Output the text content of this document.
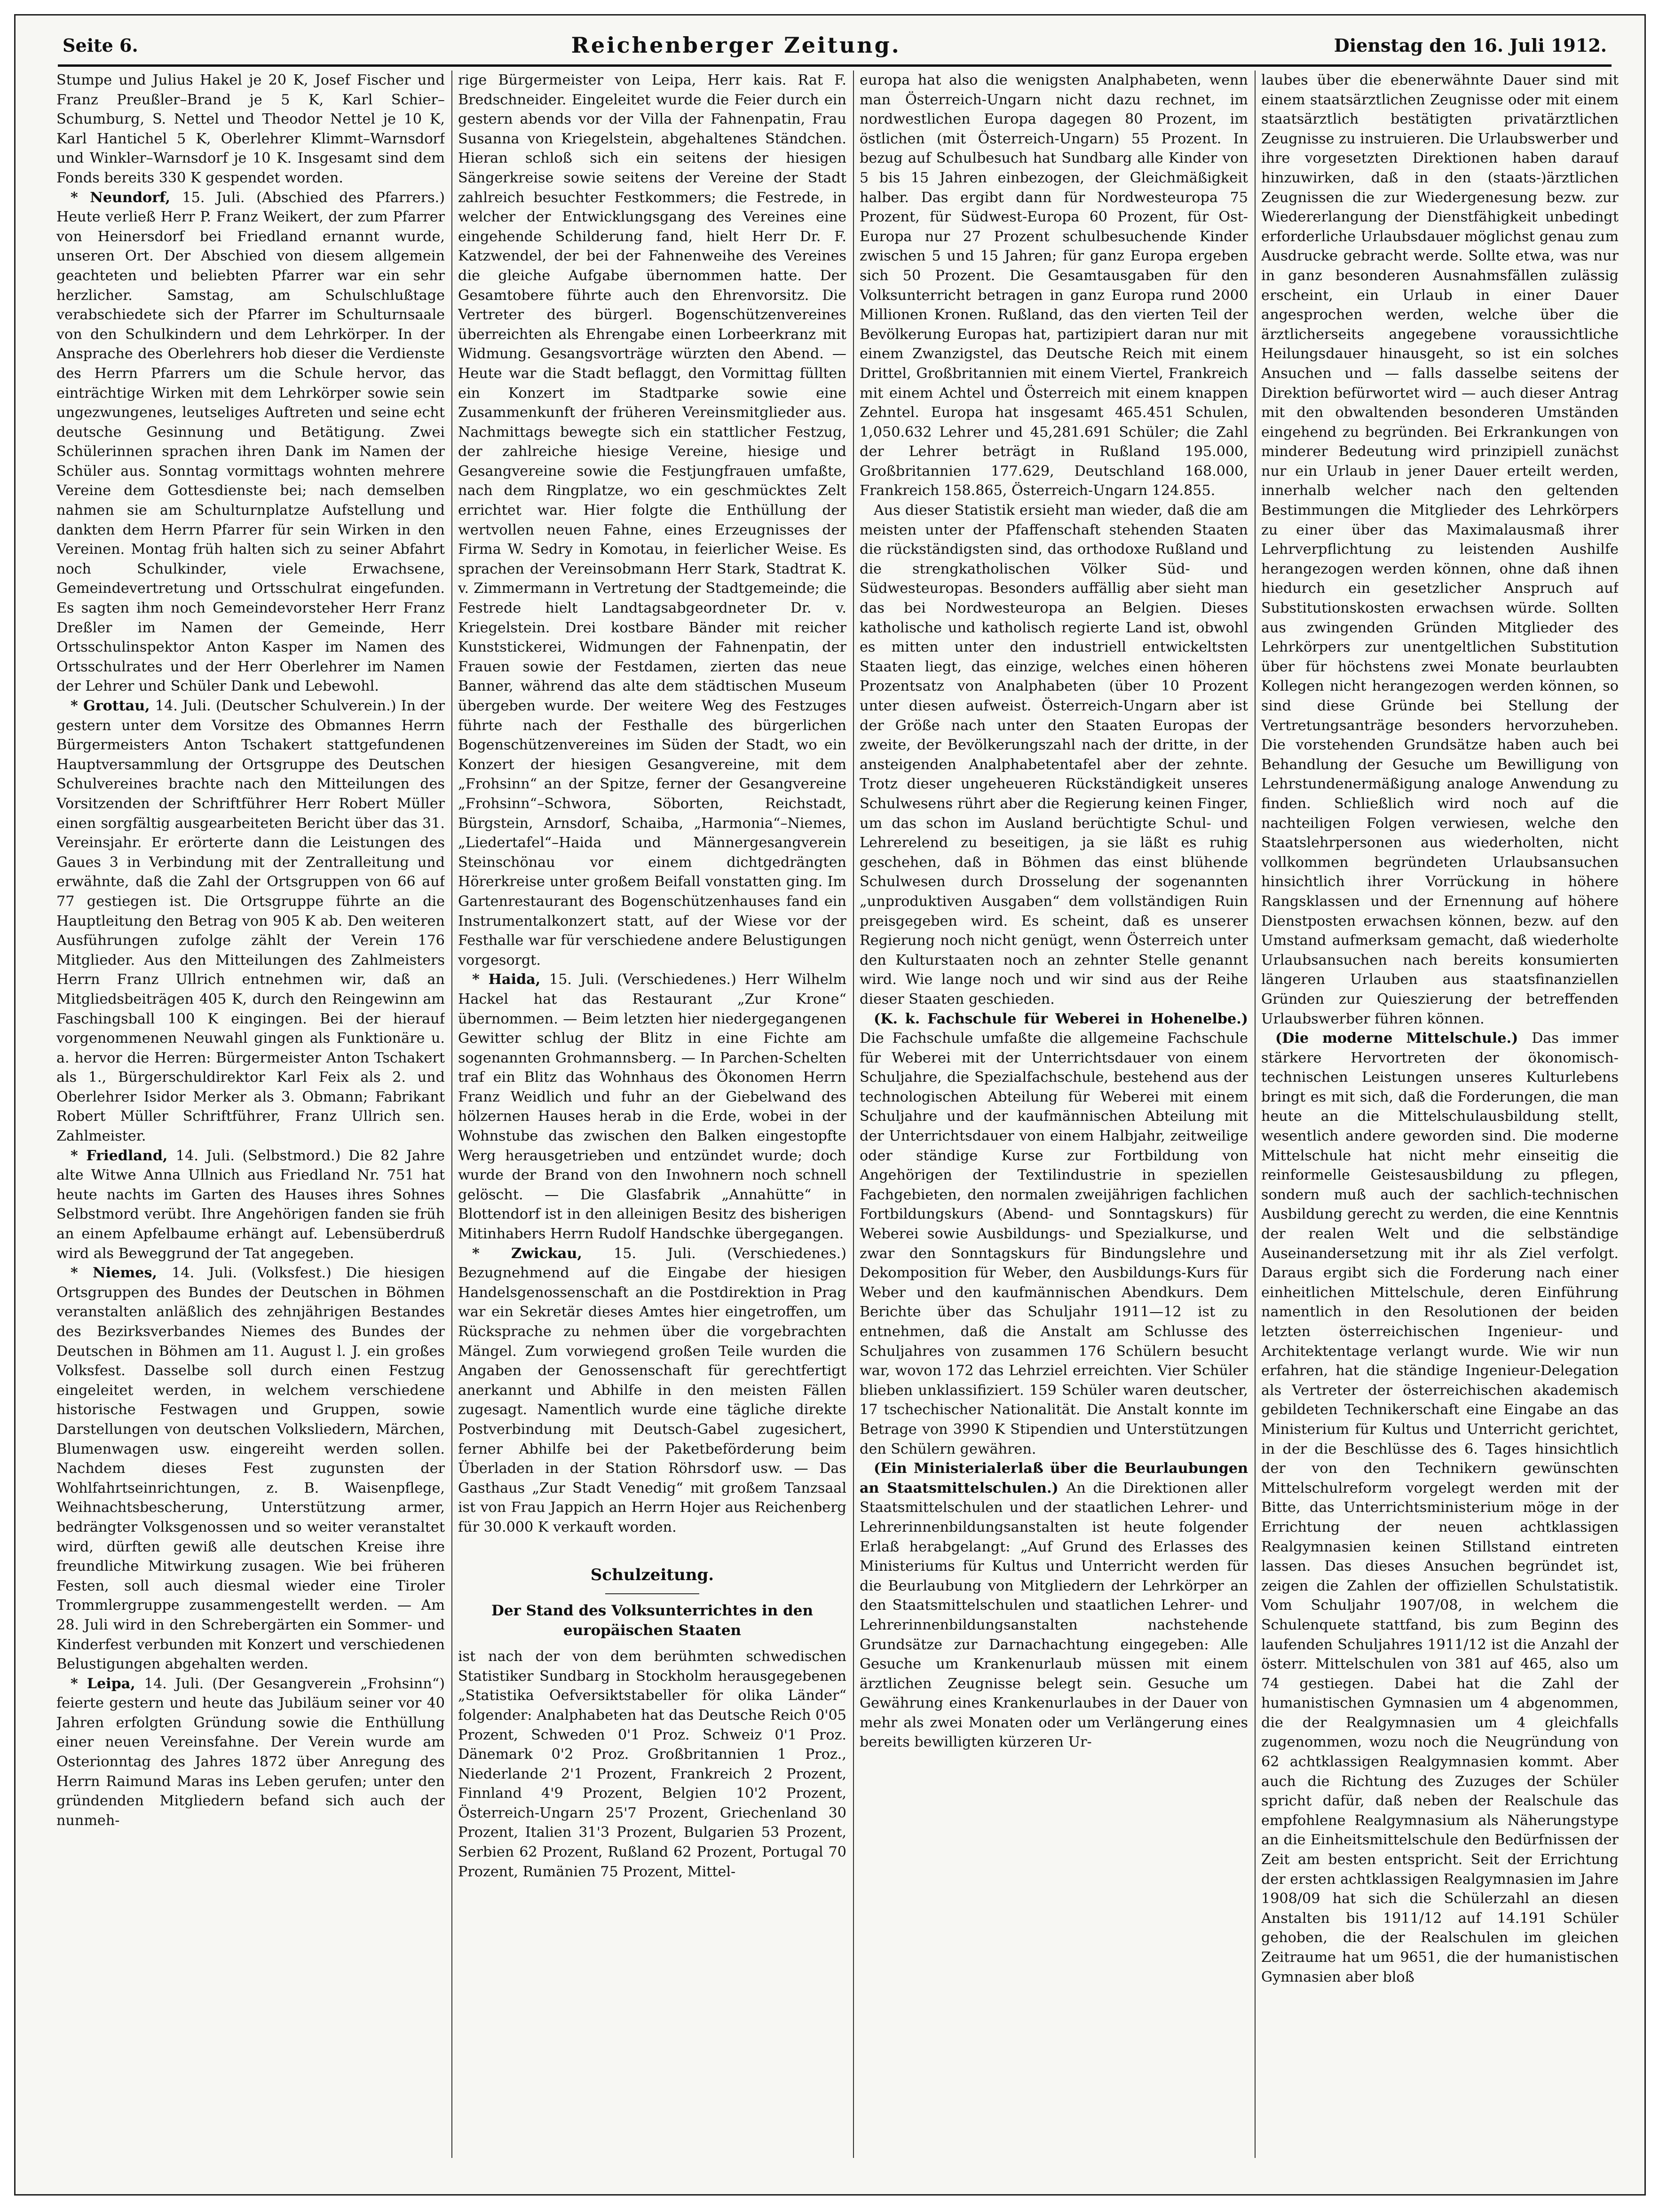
Seite 6.	Reichenberger Zeitung.	Dienstag den 16. Juli 1912.

Stumpe und Julius Hakel je 20 K, Josef Fischer und Franz Preußler–Brand je 5 K, Karl Schier–Schumburg, S. Nettel und Theodor Nettel je 10 K, Karl Hantichel 5 K, Oberlehrer Klimmt–Warnsdorf und Winkler–Warnsdorf je 10 K. Insgesamt sind dem Fonds bereits 330 K gespendet worden.

* Neundorf, 15. Juli. (Abschied des Pfarrers.) Heute verließ Herr P. Franz Weikert, der zum Pfarrer von Heinersdorf bei Friedland ernannt wurde, unseren Ort. Der Abschied von diesem allgemein geachteten und beliebten Pfarrer war ein sehr herzlicher. Samstag, am Schulschlußtage verabschiedete sich der Pfarrer im Schulturnsaale von den Schulkindern und dem Lehrkörper. In der Ansprache des Oberlehrers hob dieser die Verdienste des Herrn Pfarrers um die Schule hervor, das einträchtige Wirken mit dem Lehrkörper sowie sein ungezwungenes, leutseliges Auftreten und seine echt deutsche Gesinnung und Betätigung. Zwei Schülerinnen sprachen ihren Dank im Namen der Schüler aus. Sonntag vormittags wohnten mehrere Vereine dem Gottesdienste bei; nach demselben nahmen sie am Schulturnplatze Aufstellung und dankten dem Herrn Pfarrer für sein Wirken in den Vereinen. Montag früh halten sich zu seiner Abfahrt noch Schulkinder, viele Erwachsene, Gemeindevertretung und Ortsschulrat eingefunden. Es sagten ihm noch Gemeindevorsteher Herr Franz Dreßler im Namen der Gemeinde, Herr Ortsschulinspektor Anton Kasper im Namen des Ortsschulrates und der Herr Oberlehrer im Namen der Lehrer und Schüler Dank und Lebewohl.

* Grottau, 14. Juli. (Deutscher Schulverein.) In der gestern unter dem Vorsitze des Obmannes Herrn Bürgermeisters Anton Tschakert stattgefundenen Hauptversammlung der Ortsgruppe des Deutschen Schulvereines brachte nach den Mitteilungen des Vorsitzenden der Schriftführer Herr Robert Müller einen sorgfältig ausgearbeiteten Bericht über das 31. Vereinsjahr. Er erörterte dann die Leistungen des Gaues 3 in Verbindung mit der Zentralleitung und erwähnte, daß die Zahl der Ortsgruppen von 66 auf 77 gestiegen ist. Die Ortsgruppe führte an die Hauptleitung den Betrag von 905 K ab. Den weiteren Ausführungen zufolge zählt der Verein 176 Mitglieder. Aus den Mitteilungen des Zahlmeisters Herrn Franz Ullrich entnehmen wir, daß an Mitgliedsbeiträgen 405 K, durch den Reingewinn am Faschingsball 100 K eingingen. Bei der hierauf vorgenommenen Neuwahl gingen als Funktionäre u. a. hervor die Herren: Bürgermeister Anton Tschakert als 1., Bürgerschuldirektor Karl Feix als 2. und Oberlehrer Isidor Merker als 3. Obmann; Fabrikant Robert Müller Schriftführer, Franz Ullrich sen. Zahlmeister.

* Friedland, 14. Juli. (Selbstmord.) Die 82 Jahre alte Witwe Anna Ullnich aus Friedland Nr. 751 hat heute nachts im Garten des Hauses ihres Sohnes Selbstmord verübt. Ihre Angehörigen fanden sie früh an einem Apfelbaume erhängt auf. Lebensüberdruß wird als Beweggrund der Tat angegeben.

* Niemes, 14. Juli. (Volksfest.) Die hiesigen Ortsgruppen des Bundes der Deutschen in Böhmen veranstalten anläßlich des zehnjährigen Bestandes des Bezirksverbandes Niemes des Bundes der Deutschen in Böhmen am 11. August l. J. ein großes Volksfest. Dasselbe soll durch einen Festzug eingeleitet werden, in welchem verschiedene historische Festwagen und Gruppen, sowie Darstellungen von deutschen Volksliedern, Märchen, Blumenwagen usw. eingereiht werden sollen. Nachdem dieses Fest zugunsten der Wohlfahrtseinrichtungen, z. B. Waisenpflege, Weihnachtsbescherung, Unterstützung armer, bedrängter Volksgenossen und so weiter veranstaltet wird, dürften gewiß alle deutschen Kreise ihre freundliche Mitwirkung zusagen. Wie bei früheren Festen, soll auch diesmal wieder eine Tiroler Trommlergruppe zusammengestellt werden. — Am 28. Juli wird in den Schrebergärten ein Sommer- und Kinderfest verbunden mit Konzert und verschiedenen Belustigungen abgehalten werden.

* Leipa, 14. Juli. (Der Gesangverein „Frohsinn“) feierte gestern und heute das Jubiläum seiner vor 40 Jahren erfolgten Gründung sowie die Enthüllung einer neuen Vereinsfahne. Der Verein wurde am Osterionntag des Jahres 1872 über Anregung des Herrn Raimund Maras ins Leben gerufen; unter den gründenden Mitgliedern befand sich auch der nunmeh-

rige Bürgermeister von Leipa, Herr kais. Rat F. Bredschneider. Eingeleitet wurde die Feier durch ein gestern abends vor der Villa der Fahnenpatin, Frau Susanna von Kriegelstein, abgehaltenes Ständchen. Hieran schloß sich ein seitens der hiesigen Sängerkreise sowie seitens der Vereine der Stadt zahlreich besuchter Festkommers; die Festrede, in welcher der Entwicklungsgang des Vereines eine eingehende Schilderung fand, hielt Herr Dr. F. Katzwendel, der bei der Fahnenweihe des Vereines die gleiche Aufgabe übernommen hatte. Der Gesamtobere führte auch den Ehrenvorsitz. Die Vertreter des bürgerl. Bogenschützenvereines überreichten als Ehrengabe einen Lorbeerkranz mit Widmung. Gesangsvorträge würzten den Abend. — Heute war die Stadt beflaggt, den Vormittag füllten ein Konzert im Stadtparke sowie eine Zusammenkunft der früheren Vereinsmitglieder aus. Nachmittags bewegte sich ein stattlicher Festzug, der zahlreiche hiesige Vereine, hiesige und Gesangvereine sowie die Festjungfrauen umfaßte, nach dem Ringplatze, wo ein geschmücktes Zelt errichtet war. Hier folgte die Enthüllung der wertvollen neuen Fahne, eines Erzeugnisses der Firma W. Sedry in Komotau, in feierlicher Weise. Es sprachen der Vereinsobmann Herr Stark, Stadtrat K. v. Zimmermann in Vertretung der Stadtgemeinde; die Festrede hielt Landtagsabgeordneter Dr. v. Kriegelstein. Drei kostbare Bänder mit reicher Kunststickerei, Widmungen der Fahnenpatin, der Frauen sowie der Festdamen, zierten das neue Banner, während das alte dem städtischen Museum übergeben wurde. Der weitere Weg des Festzuges führte nach der Festhalle des bürgerlichen Bogenschützenvereines im Süden der Stadt, wo ein Konzert der hiesigen Gesangvereine, mit dem „Frohsinn“ an der Spitze, ferner der Gesangvereine „Frohsinn“–Schwora, Söborten, Reichstadt, Bürgstein, Arnsdorf, Schaiba, „Harmonia“–Niemes, „Liedertafel“–Haida und Männergesangverein Steinschönau vor einem dichtgedrängten Hörerkreise unter großem Beifall vonstatten ging. Im Gartenrestaurant des Bogenschützenhauses fand ein Instrumentalkonzert statt, auf der Wiese vor der Festhalle war für verschiedene andere Belustigungen vorgesorgt.

* Haida, 15. Juli. (Verschiedenes.) Herr Wilhelm Hackel hat das Restaurant „Zur Krone“ übernommen. — Beim letzten hier niedergegangenen Gewitter schlug der Blitz in eine Fichte am sogenannten Grohmannsberg. — In Parchen-Schelten traf ein Blitz das Wohnhaus des Ökonomen Herrn Franz Weidlich und fuhr an der Giebelwand des hölzernen Hauses herab in die Erde, wobei in der Wohnstube das zwischen den Balken eingestopfte Werg herausgetrieben und entzündet wurde; doch wurde der Brand von den Inwohnern noch schnell gelöscht. — Die Glasfabrik „Annahütte“ in Blottendorf ist in den alleinigen Besitz des bisherigen Mitinhabers Herrn Rudolf Handschke übergegangen.

* Zwickau, 15. Juli. (Verschiedenes.) Bezugnehmend auf die Eingabe der hiesigen Handelsgenossenschaft an die Postdirektion in Prag war ein Sekretär dieses Amtes hier eingetroffen, um Rücksprache zu nehmen über die vorgebrachten Mängel. Zum vorwiegend großen Teile wurden die Angaben der Genossenschaft für gerechtfertigt anerkannt und Abhilfe in den meisten Fällen zugesagt. Namentlich wurde eine tägliche direkte Postverbindung mit Deutsch-Gabel zugesichert, ferner Abhilfe bei der Paketbeförderung beim Überladen in der Station Röhrsdorf usw. — Das Gasthaus „Zur Stadt Venedig“ mit großem Tanzsaal ist von Frau Jappich an Herrn Hojer aus Reichenberg für 30.000 K verkauft worden.

Schulzeitung.
Der Stand des Volksunterrichtes in den europäischen Staaten

ist nach der von dem berühmten schwedischen Statistiker Sundbarg in Stockholm herausgegebenen „Statistika Oefversiktstabeller för olika Länder“ folgender: Analphabeten hat das Deutsche Reich 0'05 Prozent, Schweden 0'1 Proz. Schweiz 0'1 Proz. Dänemark 0'2 Proz. Großbritannien 1 Proz., Niederlande 2'1 Prozent, Frankreich 2 Prozent, Finnland 4'9 Prozent, Belgien 10'2 Prozent, Österreich-Ungarn 25'7 Prozent, Griechenland 30 Prozent, Italien 31'3 Prozent, Bulgarien 53 Prozent, Serbien 62 Prozent, Rußland 62 Prozent, Portugal 70 Prozent, Rumänien 75 Prozent, Mittel-

europa hat also die wenigsten Analphabeten, wenn man Österreich-Ungarn nicht dazu rechnet, im nordwestlichen Europa dagegen 80 Prozent, im östlichen (mit Österreich-Ungarn) 55 Prozent. In bezug auf Schulbesuch hat Sundbarg alle Kinder von 5 bis 15 Jahren einbezogen, der Gleichmäßigkeit halber. Das ergibt dann für Nordwesteuropa 75 Prozent, für Südwest-Europa 60 Prozent, für Ost-Europa nur 27 Prozent schulbesuchende Kinder zwischen 5 und 15 Jahren; für ganz Europa ergeben sich 50 Prozent. Die Gesamtausgaben für den Volksunterricht betragen in ganz Europa rund 2000 Millionen Kronen. Rußland, das den vierten Teil der Bevölkerung Europas hat, partizipiert daran nur mit einem Zwanzigstel, das Deutsche Reich mit einem Drittel, Großbritannien mit einem Viertel, Frankreich mit einem Achtel und Österreich mit einem knappen Zehntel. Europa hat insgesamt 465.451 Schulen, 1,050.632 Lehrer und 45,281.691 Schüler; die Zahl der Lehrer beträgt in Rußland 195.000, Großbritannien 177.629, Deutschland 168.000, Frankreich 158.865, Österreich-Ungarn 124.855.

Aus dieser Statistik ersieht man wieder, daß die am meisten unter der Pfaffenschaft stehenden Staaten die rückständigsten sind, das orthodoxe Rußland und die strengkatholischen Völker Süd- und Südwesteuropas. Besonders auffällig aber sieht man das bei Nordwesteuropa an Belgien. Dieses katholische und katholisch regierte Land ist, obwohl es mitten unter den industriell entwickeltsten Staaten liegt, das einzige, welches einen höheren Prozentsatz von Analphabeten (über 10 Prozent unter diesen aufweist. Österreich-Ungarn aber ist der Größe nach unter den Staaten Europas der zweite, der Bevölkerungszahl nach der dritte, in der ansteigenden Analphabetentafel aber der zehnte. Trotz dieser ungeheueren Rückständigkeit unseres Schulwesens rührt aber die Regierung keinen Finger, um das schon im Ausland berüchtigte Schul- und Lehrerelend zu beseitigen, ja sie läßt es ruhig geschehen, daß in Böhmen das einst blühende Schulwesen durch Drosselung der sogenannten „unproduktiven Ausgaben“ dem vollständigen Ruin preisgegeben wird. Es scheint, daß es unserer Regierung noch nicht genügt, wenn Österreich unter den Kulturstaaten noch an zehnter Stelle genannt wird. Wie lange noch und wir sind aus der Reihe dieser Staaten geschieden.

(K. k. Fachschule für Weberei in Hohenelbe.) Die Fachschule umfaßte die allgemeine Fachschule für Weberei mit der Unterrichtsdauer von einem Schuljahre, die Spezialfachschule, bestehend aus der technologischen Abteilung für Weberei mit einem Schuljahre und der kaufmännischen Abteilung mit der Unterrichtsdauer von einem Halbjahr, zeitweilige oder ständige Kurse zur Fortbildung von Angehörigen der Textilindustrie in speziellen Fachgebieten, den normalen zweijährigen fachlichen Fortbildungskurs (Abend- und Sonntagskurs) für Weberei sowie Ausbildungs- und Spezialkurse, und zwar den Sonntagskurs für Bindungslehre und Dekomposition für Weber, den Ausbildungs-Kurs für Weber und den kaufmännischen Abendkurs. Dem Berichte über das Schuljahr 1911—12 ist zu entnehmen, daß die Anstalt am Schlusse des Schuljahres von zusammen 176 Schülern besucht war, wovon 172 das Lehrziel erreichten. Vier Schüler blieben unklassifiziert. 159 Schüler waren deutscher, 17 tschechischer Nationalität. Die Anstalt konnte im Betrage von 3990 K Stipendien und Unterstützungen den Schülern gewähren.

(Ein Ministerialerlaß über die Beurlaubungen an Staatsmittelschulen.) An die Direktionen aller Staatsmittelschulen und der staatlichen Lehrer- und Lehrerinnenbildungsanstalten ist heute folgender Erlaß herabgelangt: „Auf Grund des Erlasses des Ministeriums für Kultus und Unterricht werden für die Beurlaubung von Mitgliedern der Lehrkörper an den Staatsmittelschulen und staatlichen Lehrer- und Lehrerinnenbildungsanstalten nachstehende Grundsätze zur Darnachachtung eingegeben: Alle Gesuche um Krankenurlaub müssen mit einem ärztlichen Zeugnisse belegt sein. Gesuche um Gewährung eines Krankenurlaubes in der Dauer von mehr als zwei Monaten oder um Verlängerung eines bereits bewilligten kürzeren Ur-

laubes über die ebenerwähnte Dauer sind mit einem staatsärztlichen Zeugnisse oder mit einem staatsärztlich bestätigten privatärztlichen Zeugnisse zu instruieren. Die Urlaubswerber und ihre vorgesetzten Direktionen haben darauf hinzuwirken, daß in den (staats-)ärztlichen Zeugnissen die zur Wiedergenesung bezw. zur Wiedererlangung der Dienstfähigkeit unbedingt erforderliche Urlaubsdauer möglichst genau zum Ausdrucke gebracht werde. Sollte etwa, was nur in ganz besonderen Ausnahmsfällen zulässig erscheint, ein Urlaub in einer Dauer angesprochen werden, welche über die ärztlicherseits angegebene voraussichtliche Heilungsdauer hinausgeht, so ist ein solches Ansuchen und — falls dasselbe seitens der Direktion befürwortet wird — auch dieser Antrag mit den obwaltenden besonderen Umständen eingehend zu begründen. Bei Erkrankungen von minderer Bedeutung wird prinzipiell zunächst nur ein Urlaub in jener Dauer erteilt werden, innerhalb welcher nach den geltenden Bestimmungen die Mitglieder des Lehrkörpers zu einer über das Maximalausmaß ihrer Lehrverpflichtung zu leistenden Aushilfe herangezogen werden können, ohne daß ihnen hiedurch ein gesetzlicher Anspruch auf Substitutionskosten erwachsen würde. Sollten aus zwingenden Gründen Mitglieder des Lehrkörpers zur unentgeltlichen Substitution über für höchstens zwei Monate beurlaubten Kollegen nicht herangezogen werden können, so sind diese Gründe bei Stellung der Vertretungsanträge besonders hervorzuheben. Die vorstehenden Grundsätze haben auch bei Behandlung der Gesuche um Bewilligung von Lehrstundenermäßigung analoge Anwendung zu finden. Schließlich wird noch auf die nachteiligen Folgen verwiesen, welche den Staatslehrpersonen aus wiederholten, nicht vollkommen begründeten Urlaubsansuchen hinsichtlich ihrer Vorrückung in höhere Rangsklassen und der Ernennung auf höhere Dienstposten erwachsen können, bezw. auf den Umstand aufmerksam gemacht, daß wiederholte Urlaubsansuchen nach bereits konsumierten längeren Urlauben aus staatsfinanziellen Gründen zur Quieszierung der betreffenden Urlaubswerber führen können.

(Die moderne Mittelschule.) Das immer stärkere Hervortreten der ökonomisch-technischen Leistungen unseres Kulturlebens bringt es mit sich, daß die Forderungen, die man heute an die Mittelschulausbildung stellt, wesentlich andere geworden sind. Die moderne Mittelschule hat nicht mehr einseitig die reinformelle Geistesausbildung zu pflegen, sondern muß auch der sachlich-technischen Ausbildung gerecht zu werden, die eine Kenntnis der realen Welt und die selbständige Auseinandersetzung mit ihr als Ziel verfolgt. Daraus ergibt sich die Forderung nach einer einheitlichen Mittelschule, deren Einführung namentlich in den Resolutionen der beiden letzten österreichischen Ingenieur- und Architektentage verlangt wurde. Wie wir nun erfahren, hat die ständige Ingenieur-Delegation als Vertreter der österreichischen akademisch gebildeten Technikerschaft eine Eingabe an das Ministerium für Kultus und Unterricht gerichtet, in der die Beschlüsse des 6. Tages hinsichtlich der von den Technikern gewünschten Mittelschulreform vorgelegt werden mit der Bitte, das Unterrichtsministerium möge in der Errichtung der neuen achtklassigen Realgymnasien keinen Stillstand eintreten lassen. Das dieses Ansuchen begründet ist, zeigen die Zahlen der offiziellen Schulstatistik. Vom Schuljahr 1907/08, in welchem die Schulenquete stattfand, bis zum Beginn des laufenden Schuljahres 1911/12 ist die Anzahl der österr. Mittelschulen von 381 auf 465, also um 74 gestiegen. Dabei hat die Zahl der humanistischen Gymnasien um 4 abgenommen, die der Realgymnasien um 4 gleichfalls zugenommen, wozu noch die Neugründung von 62 achtklassigen Realgymnasien kommt. Aber auch die Richtung des Zuzuges der Schüler spricht dafür, daß neben der Realschule das empfohlene Realgymnasium als Näherungstype an die Einheitsmittelschule den Bedürfnissen der Zeit am besten entspricht. Seit der Errichtung der ersten achtklassigen Realgymnasien im Jahre 1908/09 hat sich die Schülerzahl an diesen Anstalten bis 1911/12 auf 14.191 Schüler gehoben, die der Realschulen im gleichen Zeitraume hat um 9651, die der humanistischen Gymnasien aber bloß
